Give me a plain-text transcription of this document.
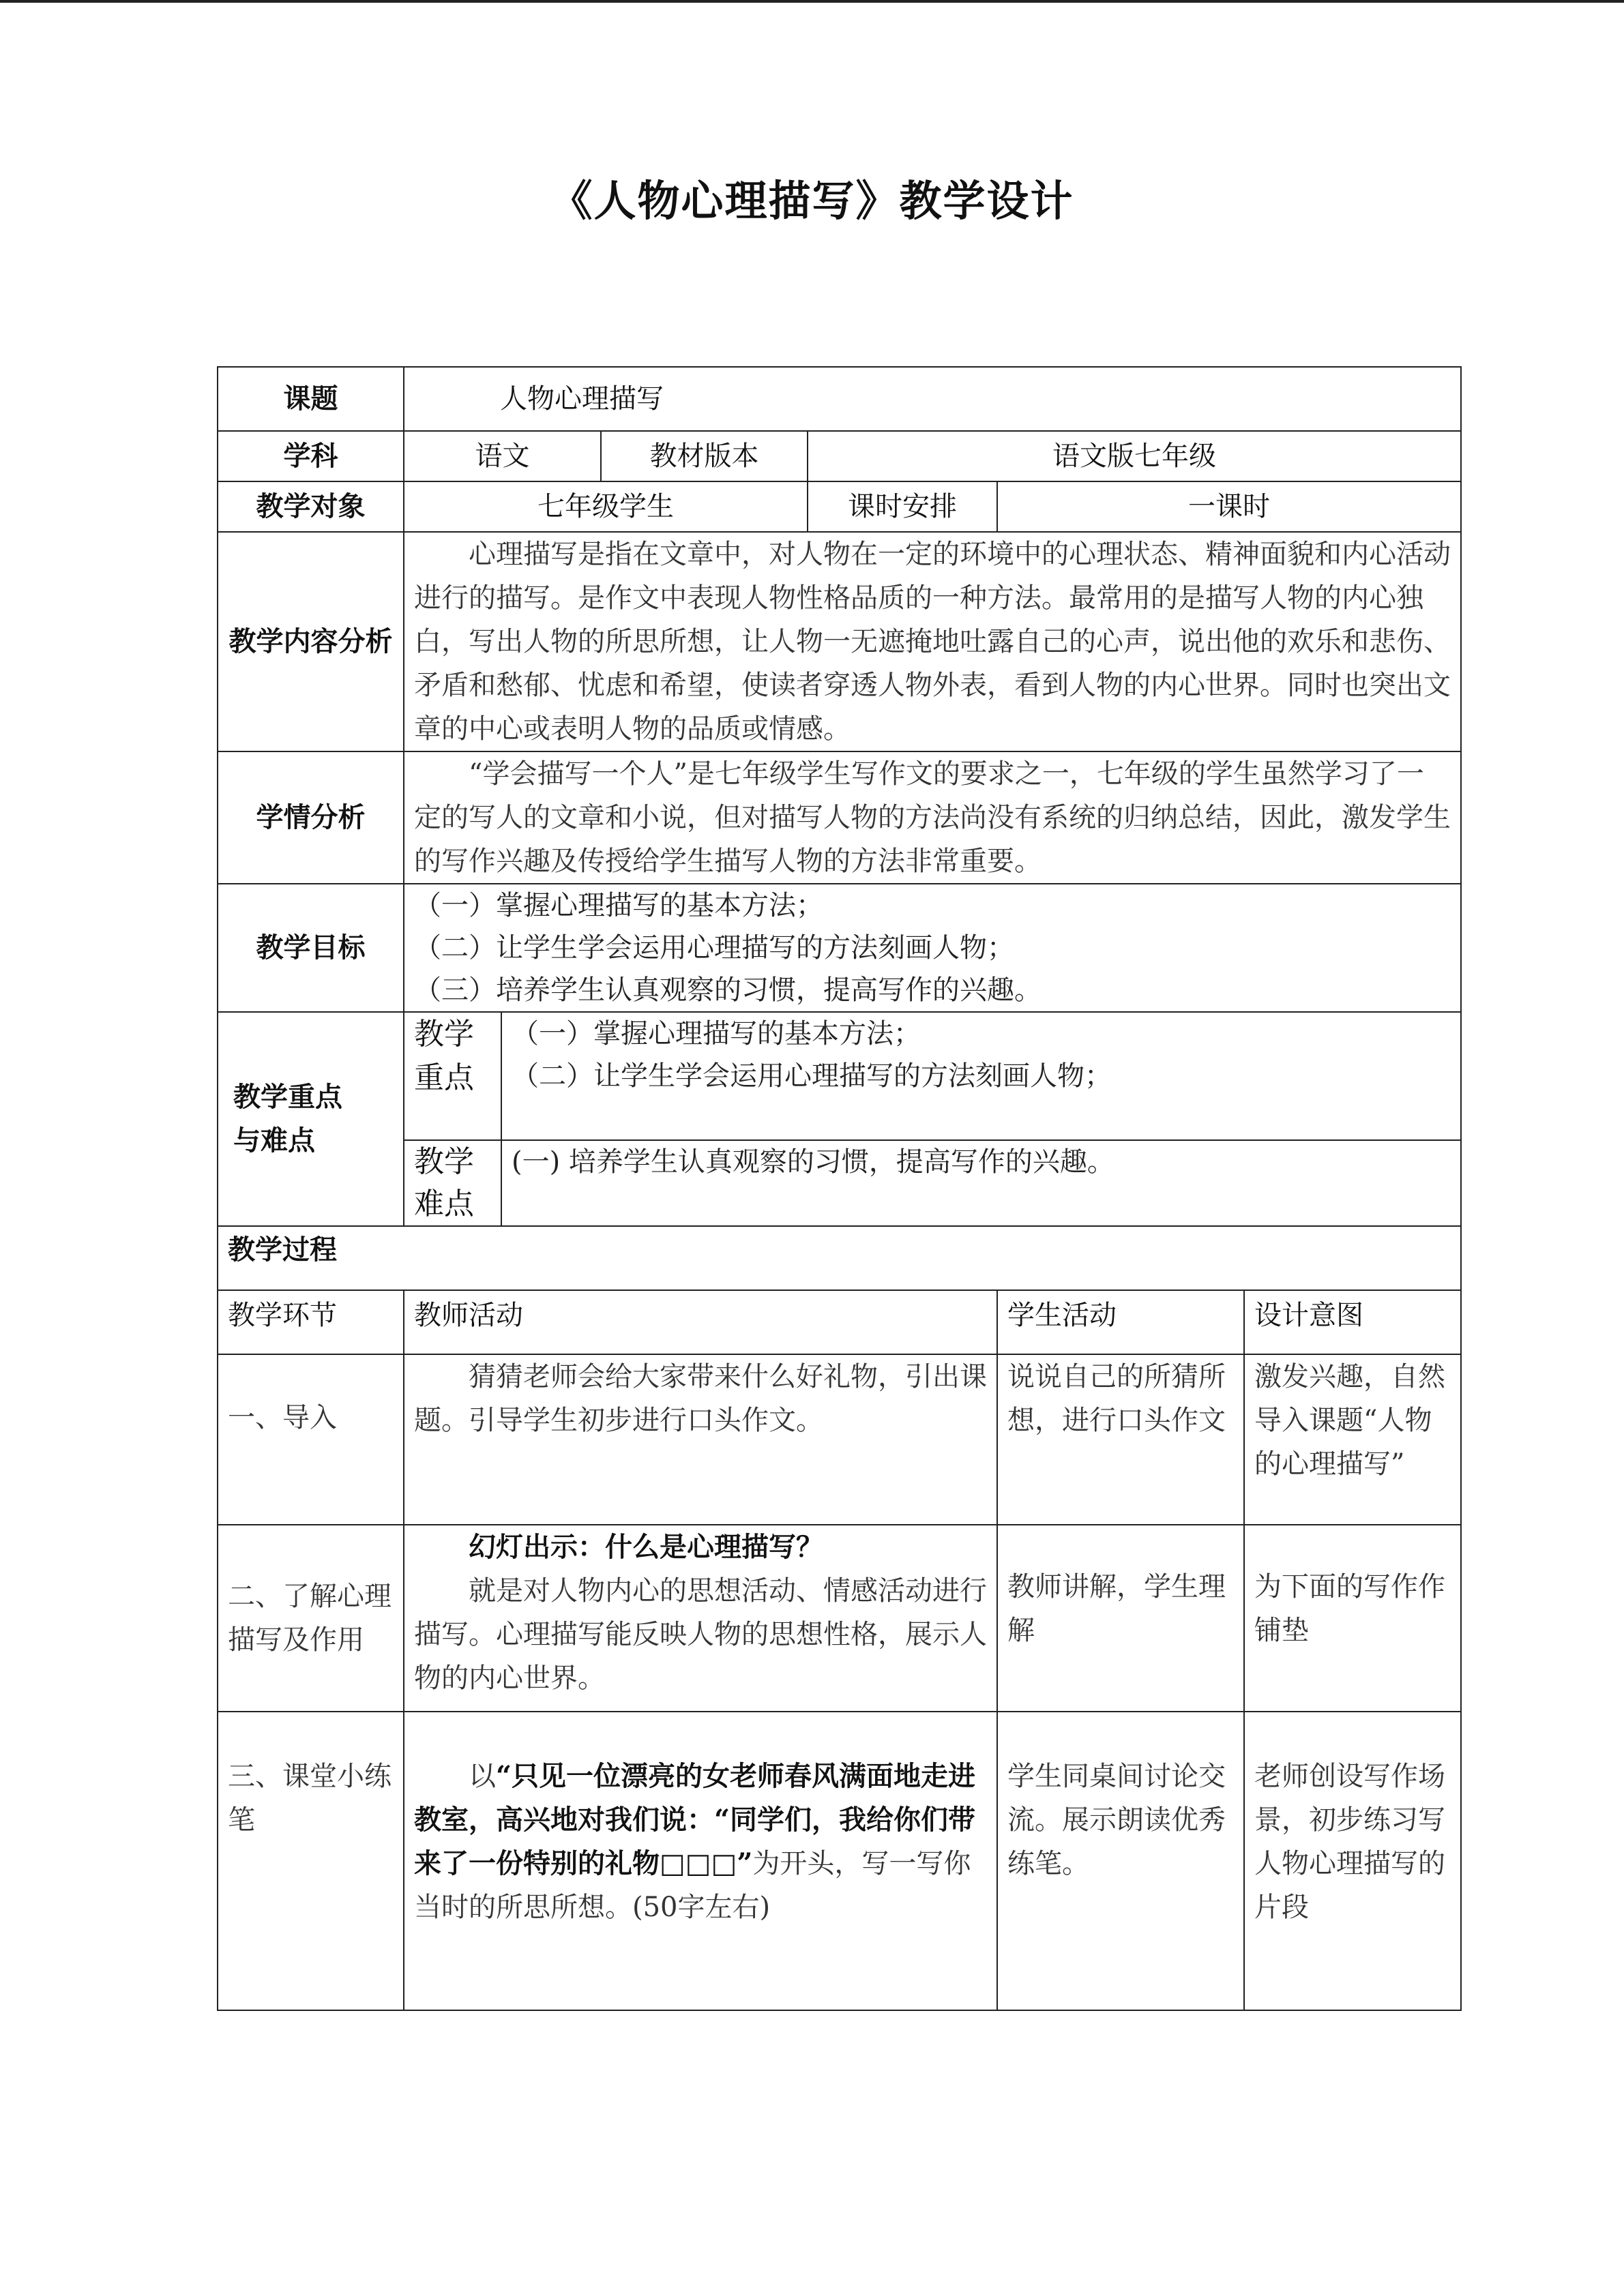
《人物心理描写》教学设计
课题	人物心理描写					
学科	语文		教材版本	语文版七年级		
教学对象	七年级学生			课时安排	一课时	
教学内容分析	心理描写是指在文章中，对人物在一定的环境中的心理状态、精神面貌和内心活动进行的描写。是作文中表现人物性格品质的一种方法。最常用的是描写人物的内心独白，写出人物的所思所想，让人物一无遮掩地吐露自己的心声，说出他的欢乐和悲伤、矛盾和愁郁、忧虑和希望，使读者穿透人物外表，看到人物的内心世界。同时也突出文章的中心或表明人物的品质或情感。					
学情分析	“学会描写一个人”是七年级学生写作文的要求之一，七年级的学生虽然学习了一定的写人的文章和小说，但对描写人物的方法尚没有系统的归纳总结，因此，激发学生的写作兴趣及传授给学生描写人物的方法非常重要。					
教学目标	（一）掌握心理描写的基本方法；
（二）让学生学会运用心理描写的方法刻画人物；
（三）培养学生认真观察的习惯，提高写作的兴趣。					

教学重点与难点	教学重点	（一）掌握心理描写的基本方法；
（二）让学生学会运用心理描写的方法刻画人物；				

	教学难点	(一) 培养学生认真观察的习惯，提高写作的兴趣。				

教学过程						
教学环节	教师活动				学生活动	设计意图
一、导入	猜猜老师会给大家带来什么好礼物，引出课题。引导学生初步进行口头作文。				说说自己的所猜所想，进行口头作文	激发兴趣，自然导入课题“人物的心理描写”
二、了解心理描写及作用	幻灯出示：什么是心理描写？
就是对人物内心的思想活动、情感活动进行描写。心理描写能反映人物的思想性格，展示人物的内心世界。				教师讲解，学生理解	为下面的写作作铺垫
三、课堂小练笔	以“只见一位漂亮的女老师春风满面地走进教室，高兴地对我们说：“同学们，我给你们带来了一份特别的礼物□□□”为开头，写一写你当时的所思所想。(50字左右)				学生同桌间讨论交流。展示朗读优秀练笔。	老师创设写作场景，初步练习写人物心理描写的片段
